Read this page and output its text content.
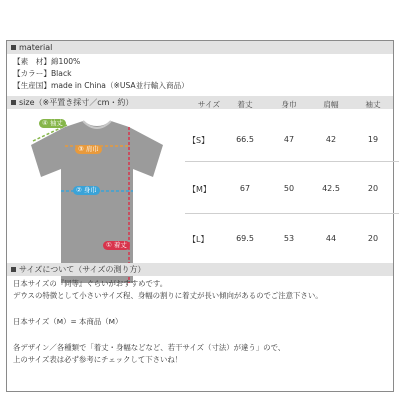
material
【素　材】綿100%
【カラー】Black
【生産国】made in China（※USA並行輸入商品）
size（※平置き採寸／cm・約）	サイズ	着丈	身巾	肩幅	袖丈
④ 袖丈
③ 肩巾
② 身巾
① 着丈
【S】	66.5	47	42	19
【M】	67	50	42.5	20
【L】	69.5	53	44	20
サイズについて（サイズの測り方）
日本サイズの『同等』ぐらいがおすすめです。
デウスの特徴として小さいサイズ程、身幅の割りに着丈が長い傾向があるのでご注意下さい。
日本サイズ（M）= 本商品（M）
各デザイン／各種類で「着丈・身幅などなど、若干サイズ（寸法）が違う」ので、
上のサイズ表は必ず参考にチェックして下さいね！
